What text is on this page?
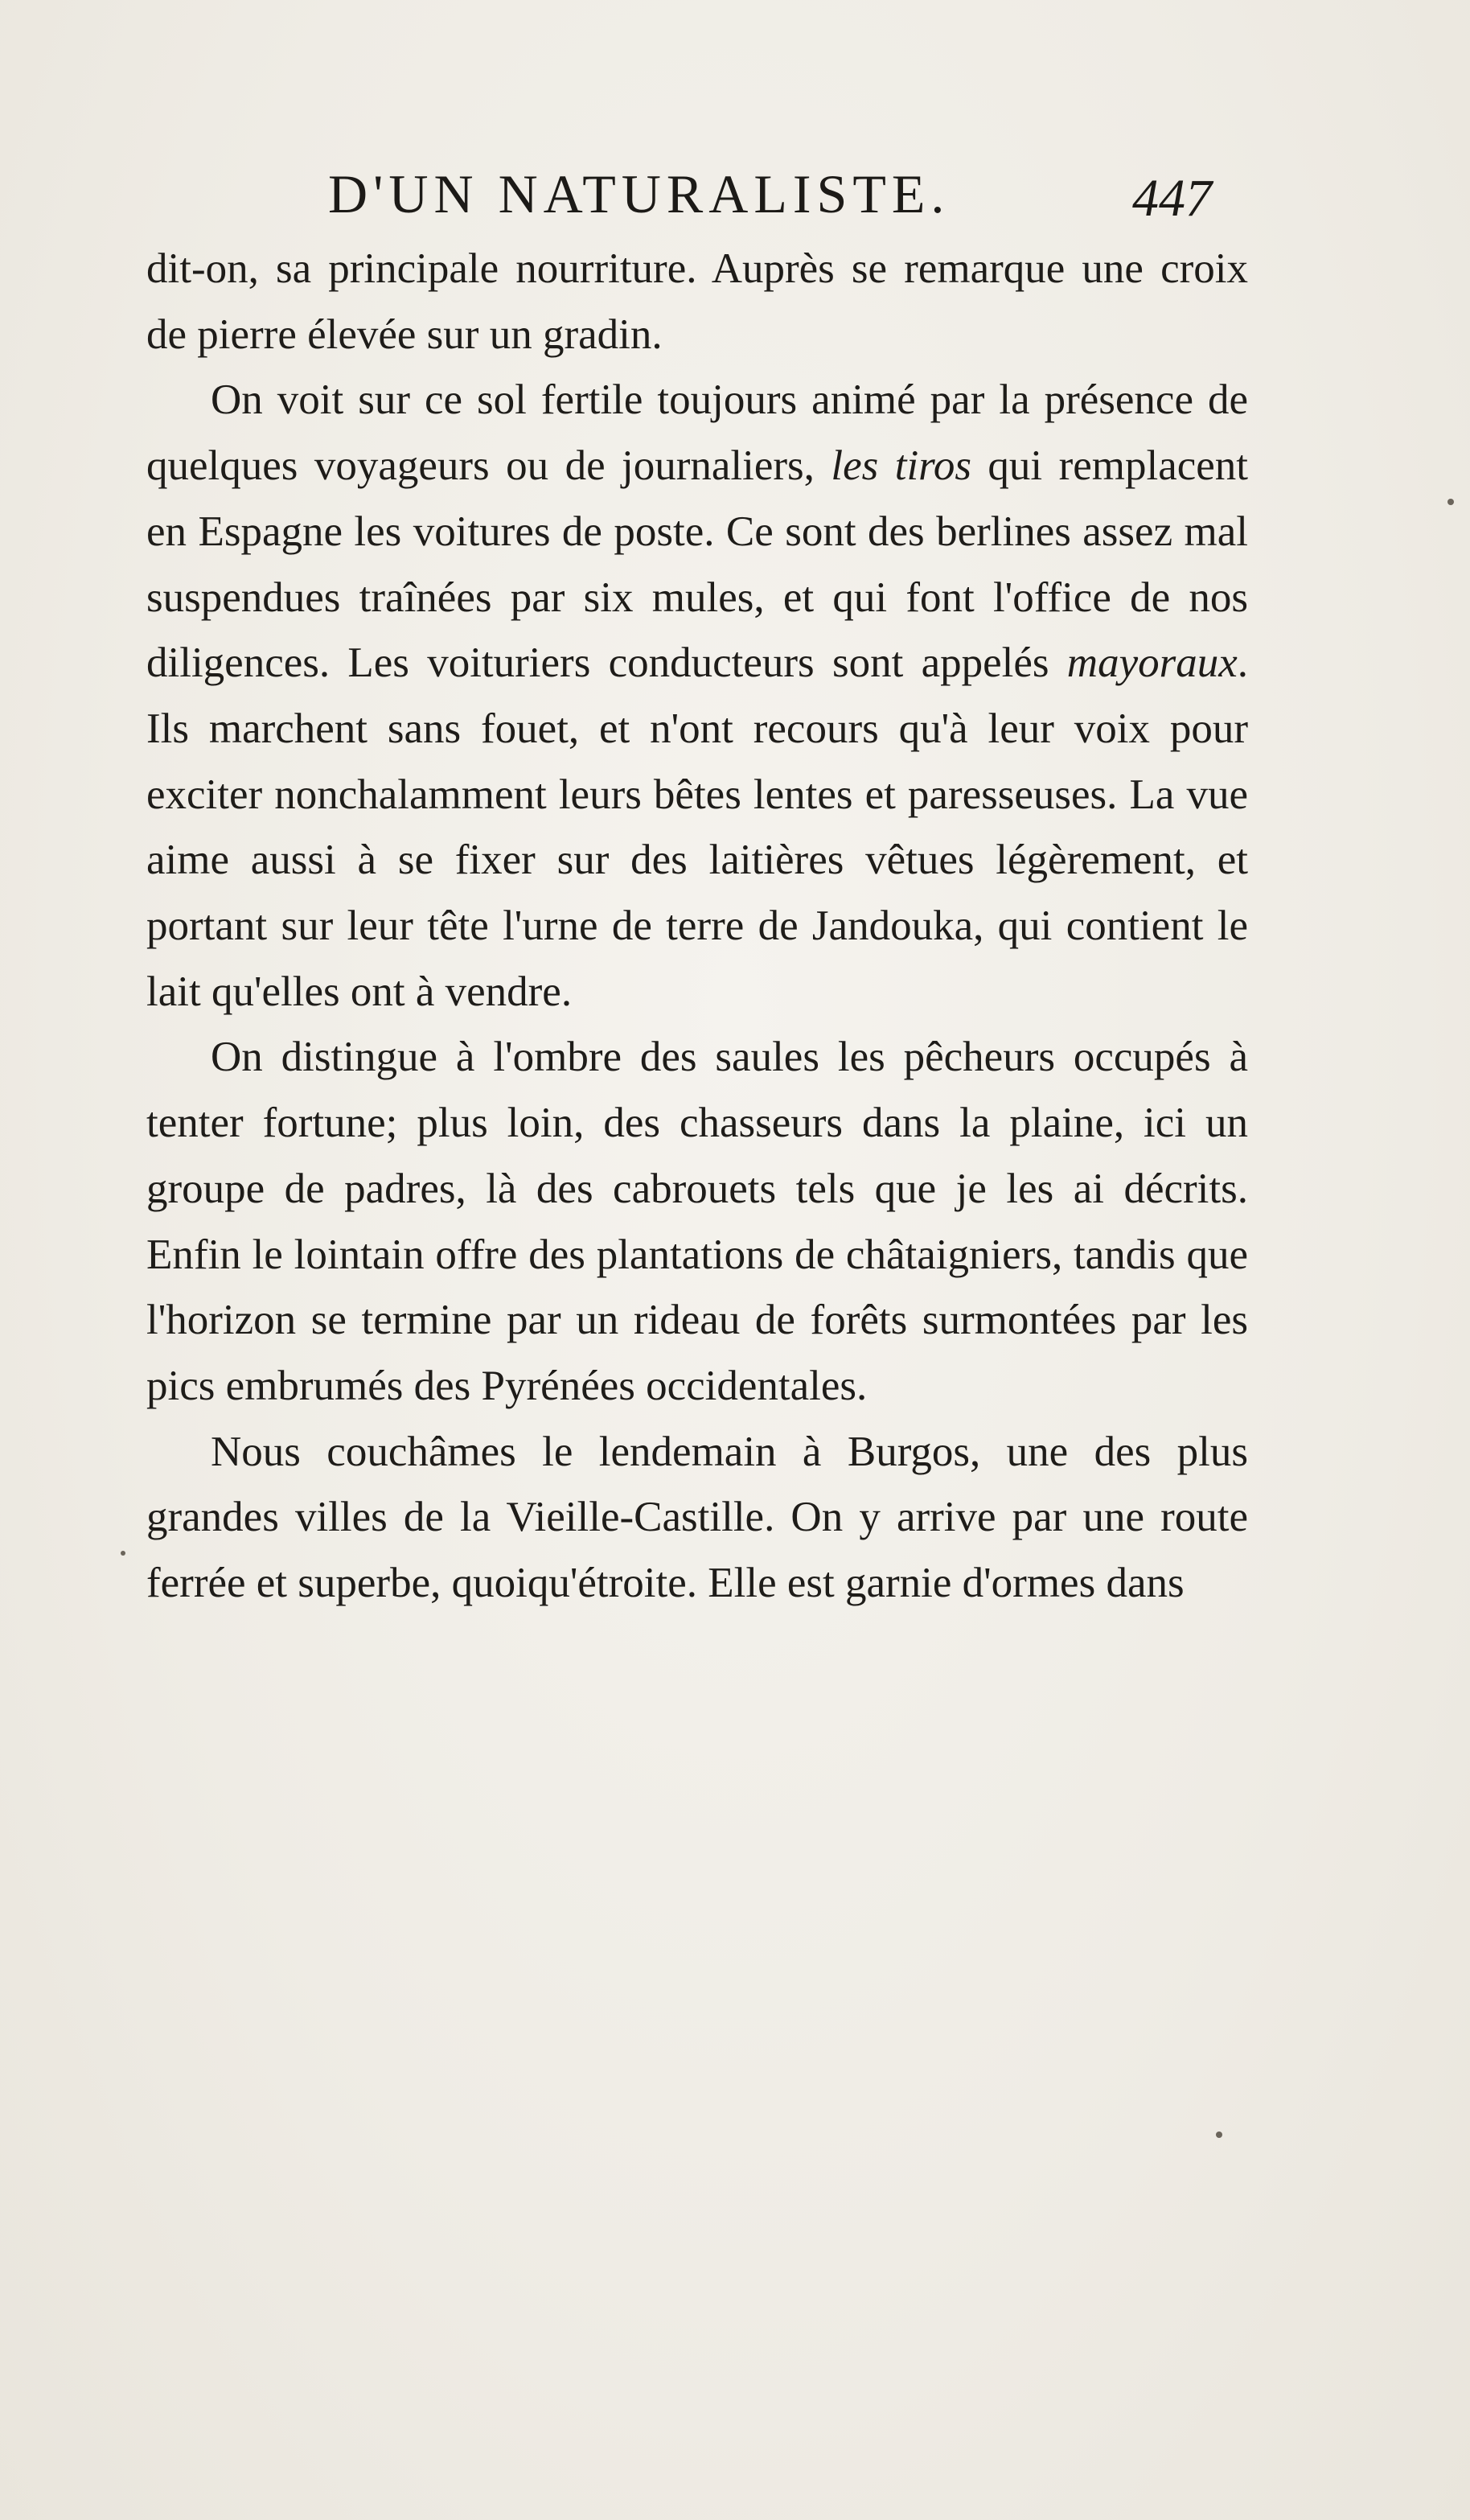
D'UN NATURALISTE.	447

dit-on, sa principale nourriture. Auprès se remarque une croix de pierre élevée sur un gradin.

On voit sur ce sol fertile toujours animé par la présence de quelques voyageurs ou de journaliers, les tiros qui remplacent en Espagne les voitures de poste. Ce sont des berlines assez mal suspendues traînées par six mules, et qui font l'office de nos diligences. Les voituriers conducteurs sont appelés mayoraux. Ils marchent sans fouet, et n'ont recours qu'à leur voix pour exciter nonchalamment leurs bêtes lentes et paresseuses. La vue aime aussi à se fixer sur des laitières vêtues légèrement, et portant sur leur tête l'urne de terre de Jandouka, qui contient le lait qu'elles ont à vendre.

On distingue à l'ombre des saules les pêcheurs occupés à tenter fortune; plus loin, des chasseurs dans la plaine, ici un groupe de padres, là des cabrouets tels que je les ai décrits. Enfin le lointain offre des plantations de châtaigniers, tandis que l'horizon se termine par un rideau de forêts surmontées par les pics embrumés des Pyrénées occidentales.

Nous couchâmes le lendemain à Burgos, une des plus grandes villes de la Vieille-Castille. On y arrive par une route ferrée et superbe, quoiqu'étroite. Elle est garnie d'ormes dans
